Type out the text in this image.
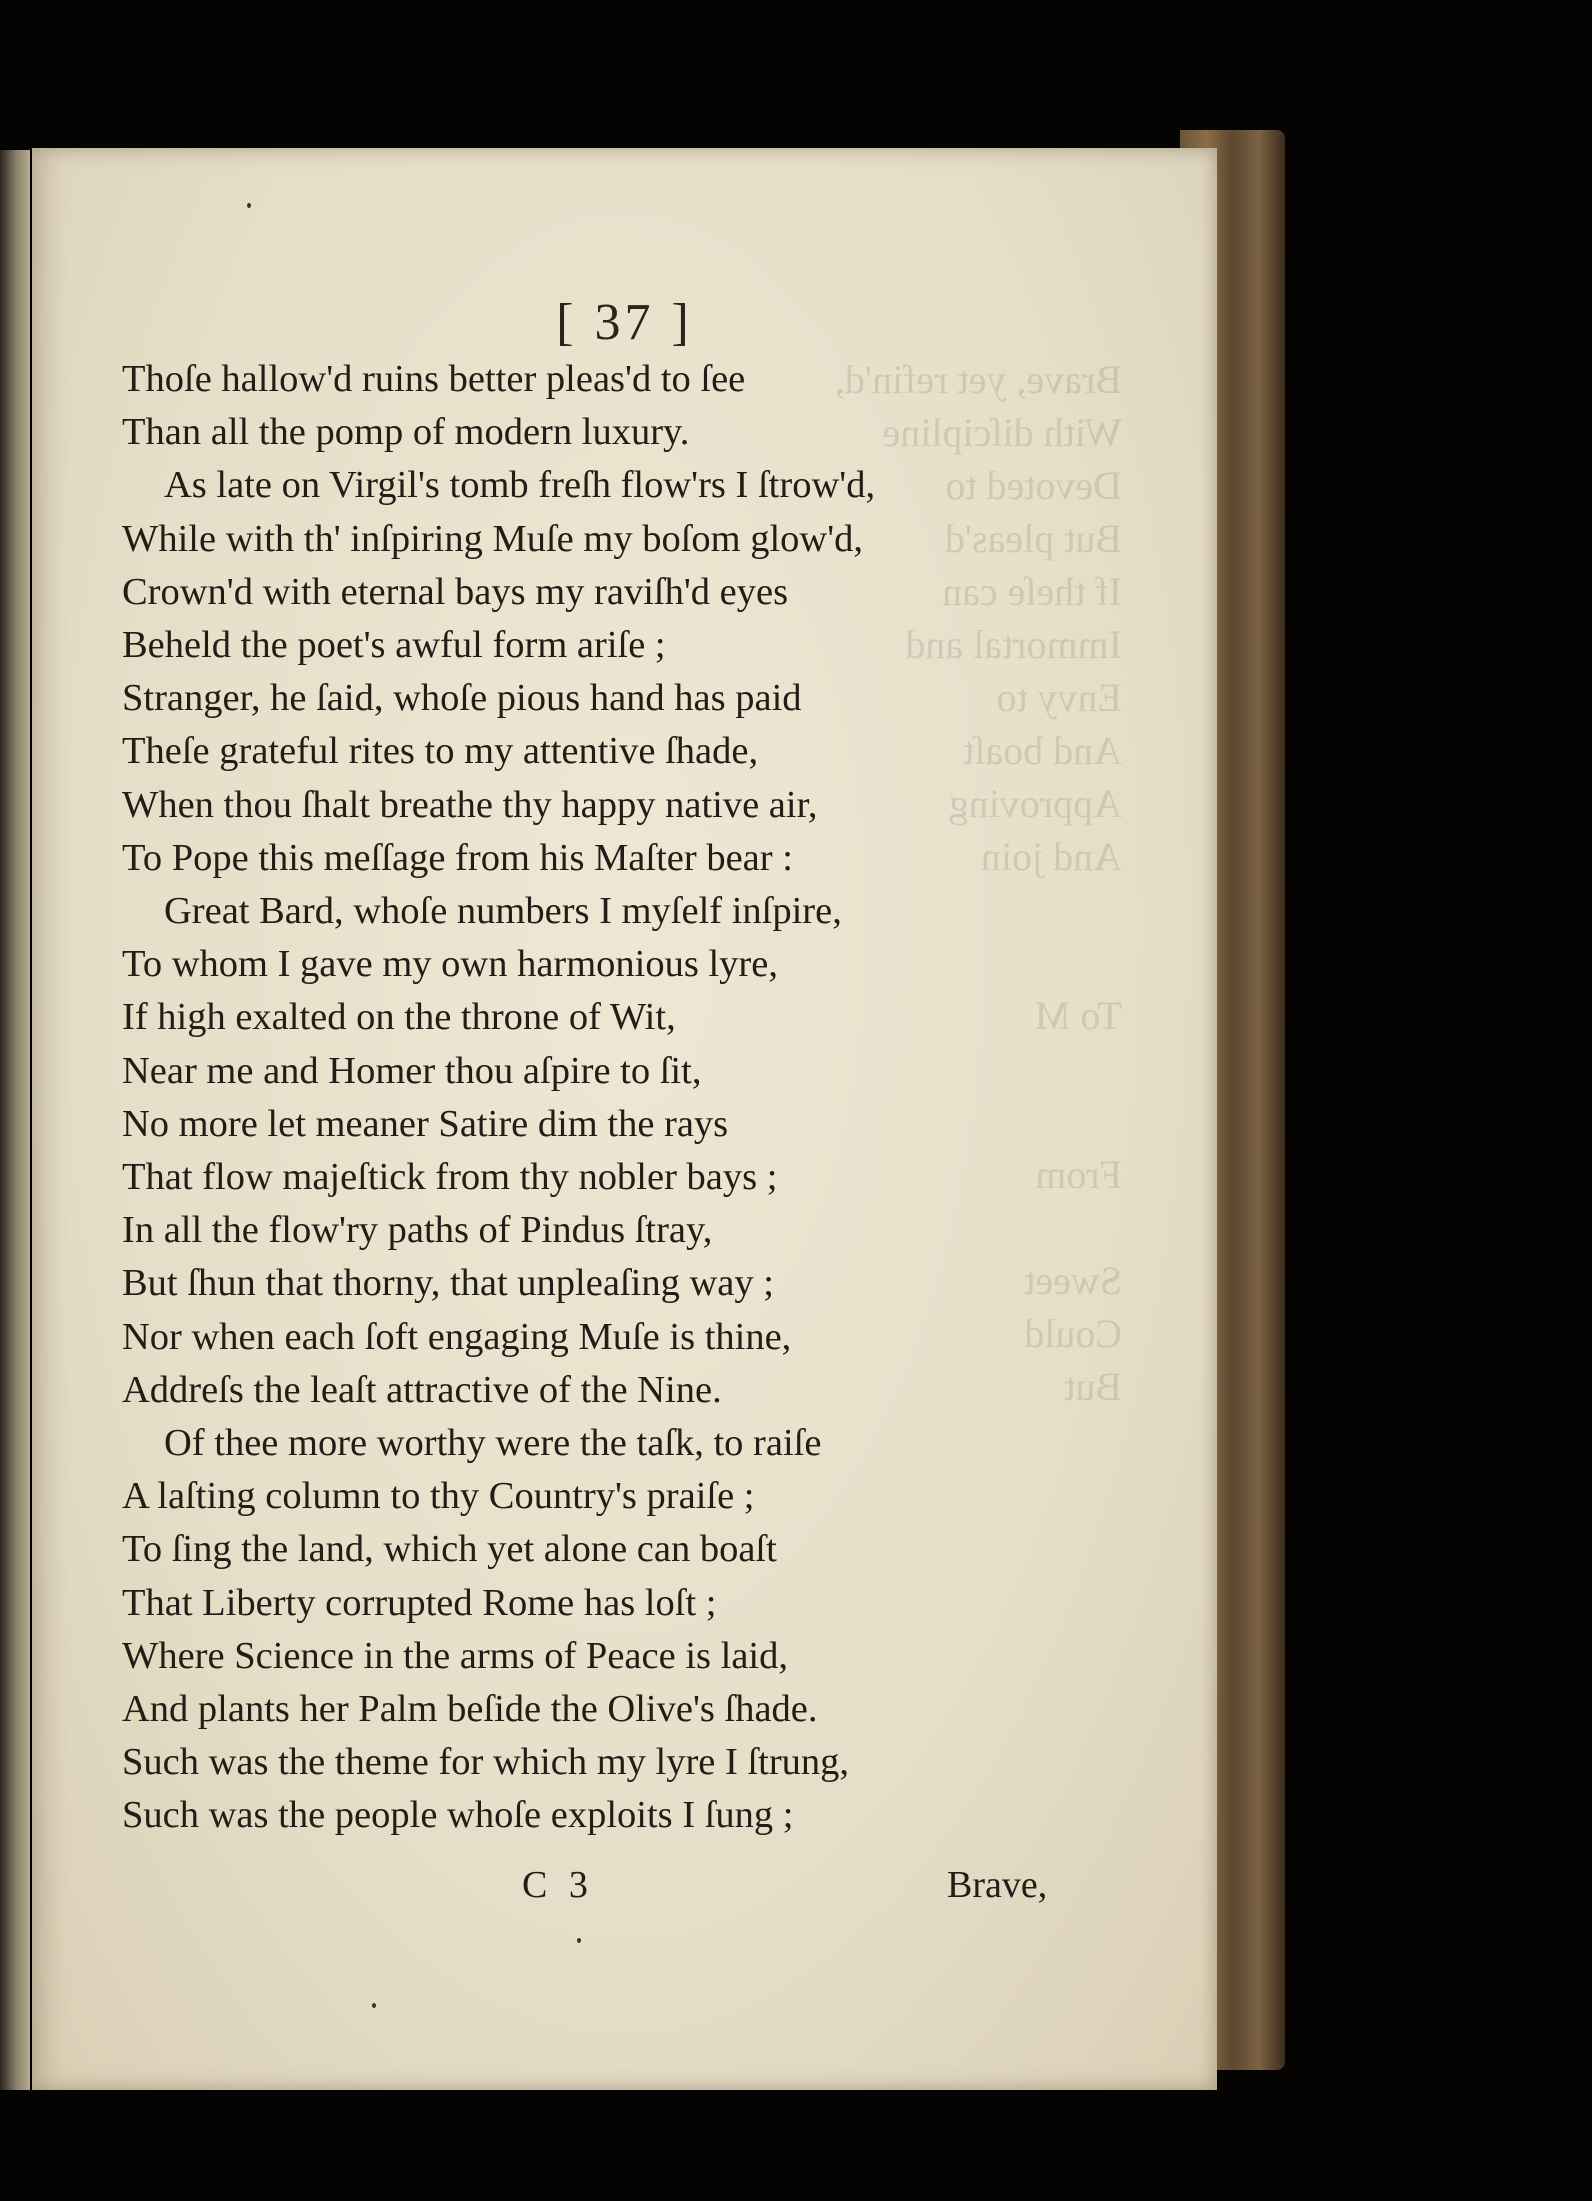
Brave, yet refin'd,
With diſcipline
Devoted to
But pleas'd
If theſe can
Immortal and
Envy to
And boaſt
Approving
And join

To M

From

Sweet
Could
But
[ 37 ]
Thoſe hallow'd ruins better pleas'd to ſee
Than all the pomp of modern luxury.
As late on Virgil's tomb freſh flow'rs I ſtrow'd,
While with th' inſpiring Muſe my boſom glow'd,
Crown'd with eternal bays my raviſh'd eyes
Beheld the poet's awful form ariſe ;
Stranger, he ſaid, whoſe pious hand has paid
Theſe grateful rites to my attentive ſhade,
When thou ſhalt breathe thy happy native air,
To Pope this meſſage from his Maſter bear :
Great Bard, whoſe numbers I myſelf inſpire,
To whom I gave my own harmonious lyre,
If high exalted on the throne of Wit,
Near me and Homer thou aſpire to ſit,
No more let meaner Satire dim the rays
That flow majeſtick from thy nobler bays ;
In all the flow'ry paths of Pindus ſtray,
But ſhun that thorny, that unpleaſing way ;
Nor when each ſoft engaging Muſe is thine,
Addreſs the leaſt attractive of the Nine.
Of thee more worthy were the taſk, to raiſe
A laſting column to thy Country's praiſe ;
To ſing the land, which yet alone can boaſt
That Liberty corrupted Rome has loſt ;
Where Science in the arms of Peace is laid,
And plants her Palm beſide the Olive's ſhade.
Such was the theme for which my lyre I ſtrung,
Such was the people whoſe exploits I ſung ;
C 3	Brave,
